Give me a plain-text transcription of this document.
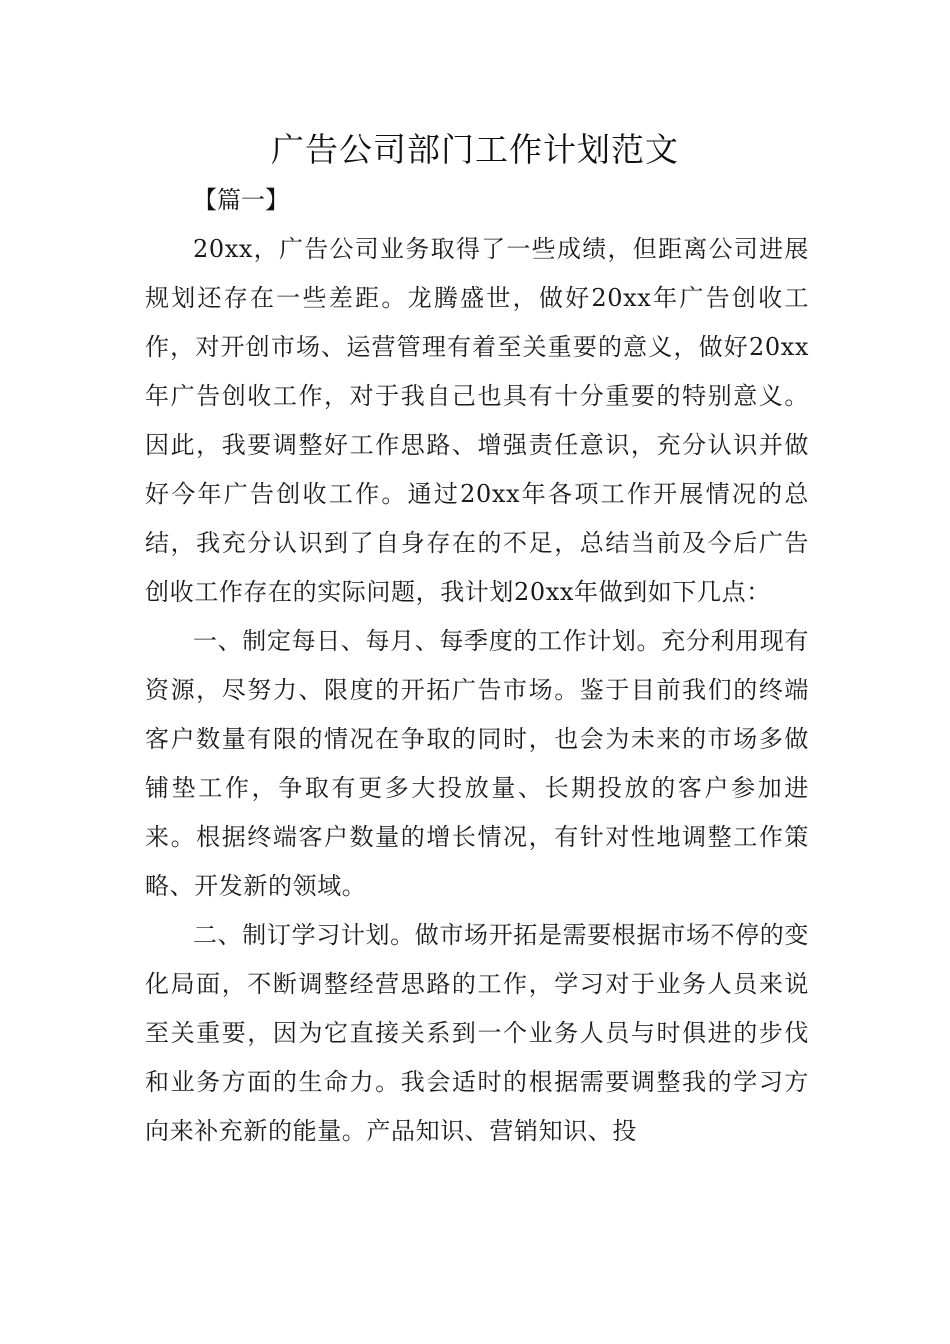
广告公司部门工作计划范文
【篇一】

20xx，广告公司业务取得了一些成绩，但距离公司进展规划还存在一些差距。龙腾盛世，做好20xx年广告创收工作，对开创市场、运营管理有着至关重要的意义，做好20xx年广告创收工作，对于我自己也具有十分重要的特别意义。因此，我要调整好工作思路、增强责任意识，充分认识并做好今年广告创收工作。通过20xx年各项工作开展情况的总结，我充分认识到了自身存在的不足，总结当前及今后广告创收工作存在的实际问题，我计划20xx年做到如下几点：

一、制定每日、每月、每季度的工作计划。充分利用现有资源，尽努力、限度的开拓广告市场。鉴于目前我们的终端客户数量有限的情况在争取的同时，也会为未来的市场多做铺垫工作，争取有更多大投放量、长期投放的客户参加进来。根据终端客户数量的增长情况，有针对性地调整工作策略、开发新的领域。

二、制订学习计划。做市场开拓是需要根据市场不停的变化局面，不断调整经营思路的工作，学习对于业务人员来说至关重要，因为它直接关系到一个业务人员与时俱进的步伐和业务方面的生命力。我会适时的根据需要调整我的学习方向来补充新的能量。产品知识、营销知识、投
